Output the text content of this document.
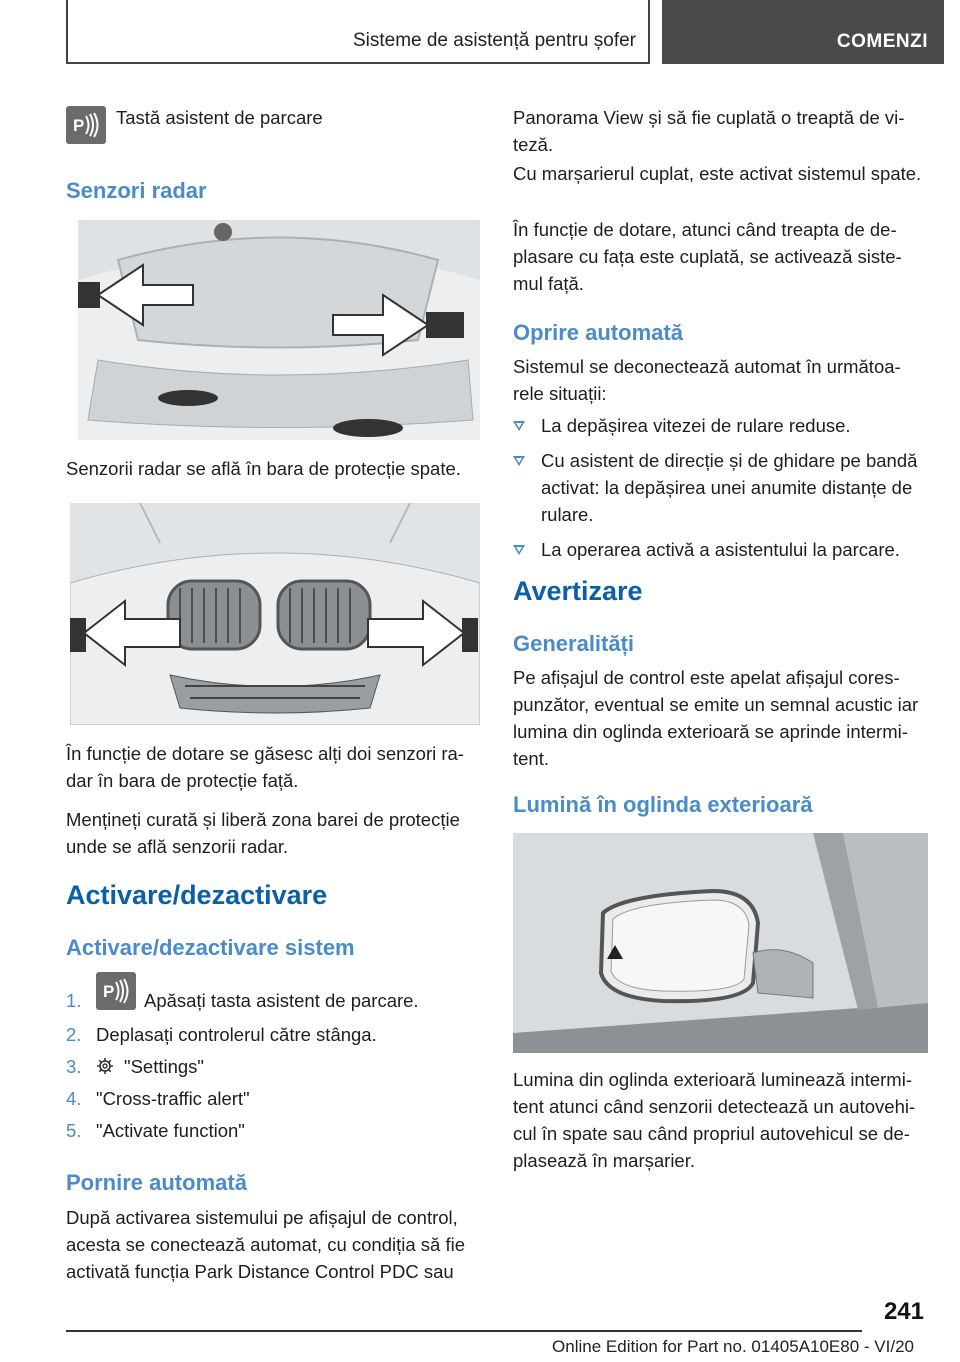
Sisteme de asistență pentru șofer	COMENZI
P Tastă asistent de parcare
Senzori radar
Senzorii radar se află în bara de protecție spate.
În funcție de dotare se găsesc alți doi senzori ra-dar în bara de protecție față.
Mențineți curată și liberă zona barei de protecție unde se află senzorii radar.
Activare/dezactivare
Activare/dezactivare sistem
1. P Apăsați tasta asistent de parcare.
2. Deplasați controlerul către stânga.
3. "Settings"
4. "Cross-traffic alert"
5. "Activate function"
Pornire automată
După activarea sistemului pe afișajul de control, acesta se conectează automat, cu condiția să fie activată funcția Park Distance Control PDC sau
Panorama View și să fie cuplată o treaptă de vi-teză.
Cu marșarierul cuplat, este activat sistemul spate.
În funcție de dotare, atunci când treapta de de-plasare cu fața este cuplată, se activează siste-mul față.
Oprire automată
Sistemul se deconectează automat în următoa-rele situații:
La depășirea vitezei de rulare reduse.
Cu asistent de direcție și de ghidare pe bandă activat: la depășirea unei anumite distanțe de rulare.
La operarea activă a asistentului la parcare.
Avertizare
Generalități
Pe afișajul de control este apelat afișajul cores-punzător, eventual se emite un semnal acustic iar lumina din oglinda exterioară se aprinde intermi-tent.
Lumină în oglinda exterioară
Lumina din oglinda exterioară luminează intermi-tent atunci când senzorii detectează un autovehi-cul în spate sau când propriul autovehicul se de-plasează în marșarier.
241
Online Edition for Part no. 01405A10E80 - VI/20
